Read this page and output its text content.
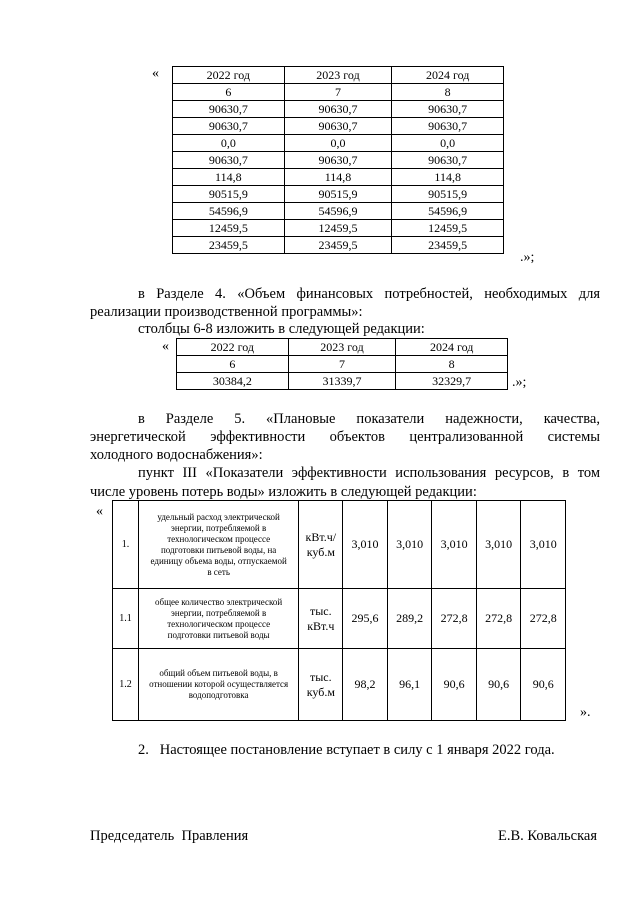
«	2022 год	2023 год	2024 год
6	7	8
90630,7	90630,7	90630,7
90630,7	90630,7	90630,7
0,0	0,0	0,0
90630,7	90630,7	90630,7
114,8	114,8	114,8
90515,9	90515,9	90515,9
54596,9	54596,9	54596,9
12459,5	12459,5	12459,5
23459,5	23459,5	23459,5
.»;
в Разделе 4. «Объем финансовых потребностей, необходимых для
реализации производственной программы»:
столбцы 6-8 изложить в следующей редакции:
«	2022 год	2023 год	2024 год
6	7	8
30384,2	31339,7	32329,7	.»;
в Разделе 5. «Плановые показатели надежности, качества,
энергетической эффективности объектов централизованной системы
холодного водоснабжения»:
пункт III «Показатели эффективности использования ресурсов, в том
числе уровень потерь воды» изложить в следующей редакции:
«
1.	удельный расход электрической энергии, потребляемой в технологическом процессе подготовки питьевой воды, на единицу объема воды, отпускаемой в сеть	кВт.ч/ куб.м	3,010	3,010	3,010	3,010	3,010
1.1	общее количество электрической энергии, потребляемой в технологическом процессе подготовки питьевой воды	тыс. кВт.ч	295,6	289,2	272,8	272,8	272,8
1.2	общий объем питьевой воды, в отношении которой осуществляется водоподготовка	тыс. куб.м	98,2	96,1	90,6	90,6	90,6
».
2.   Настоящее постановление вступает в силу с 1 января 2022 года.
Председатель  Правления	Е.В. Ковальская
